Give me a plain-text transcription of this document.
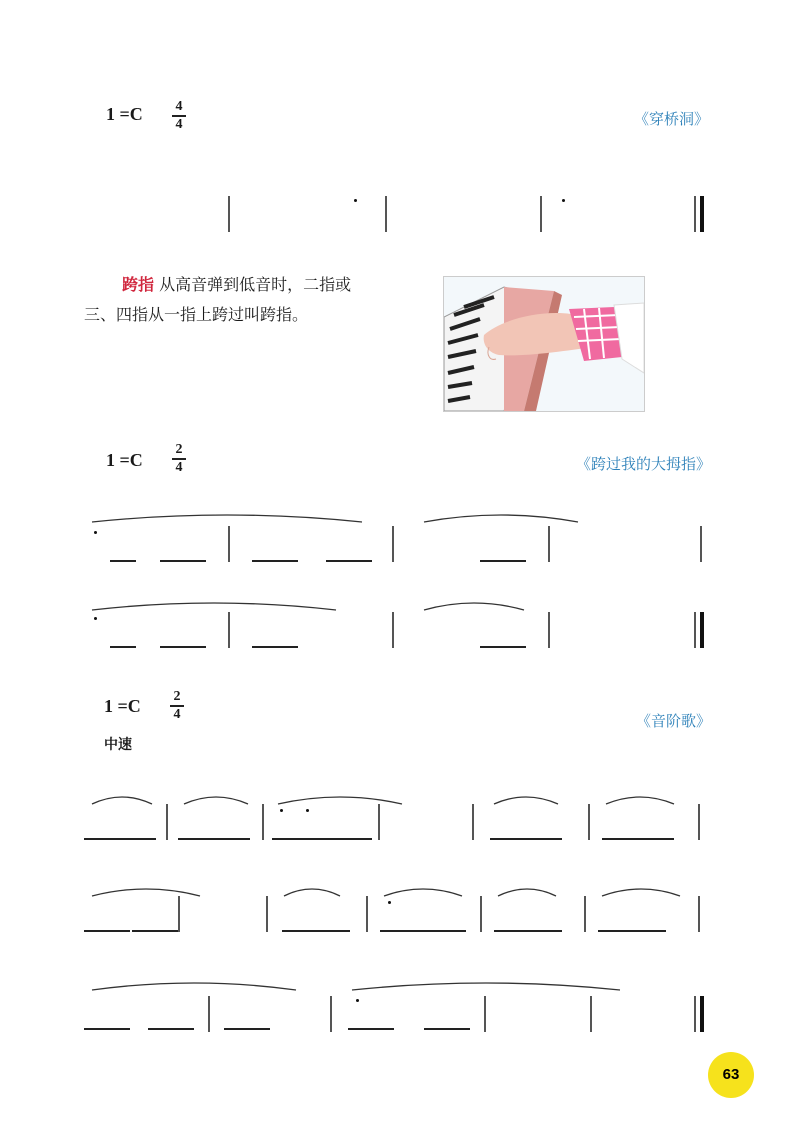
1 =C 4
4	《穿桥洞》
跨指 从高音弹到低音时，二指或
三、四指从一指上跨过叫跨指。
1 =C
2
4	《跨过我的大拇指》
1 =C 2
4	《音阶歌》
中速
63
